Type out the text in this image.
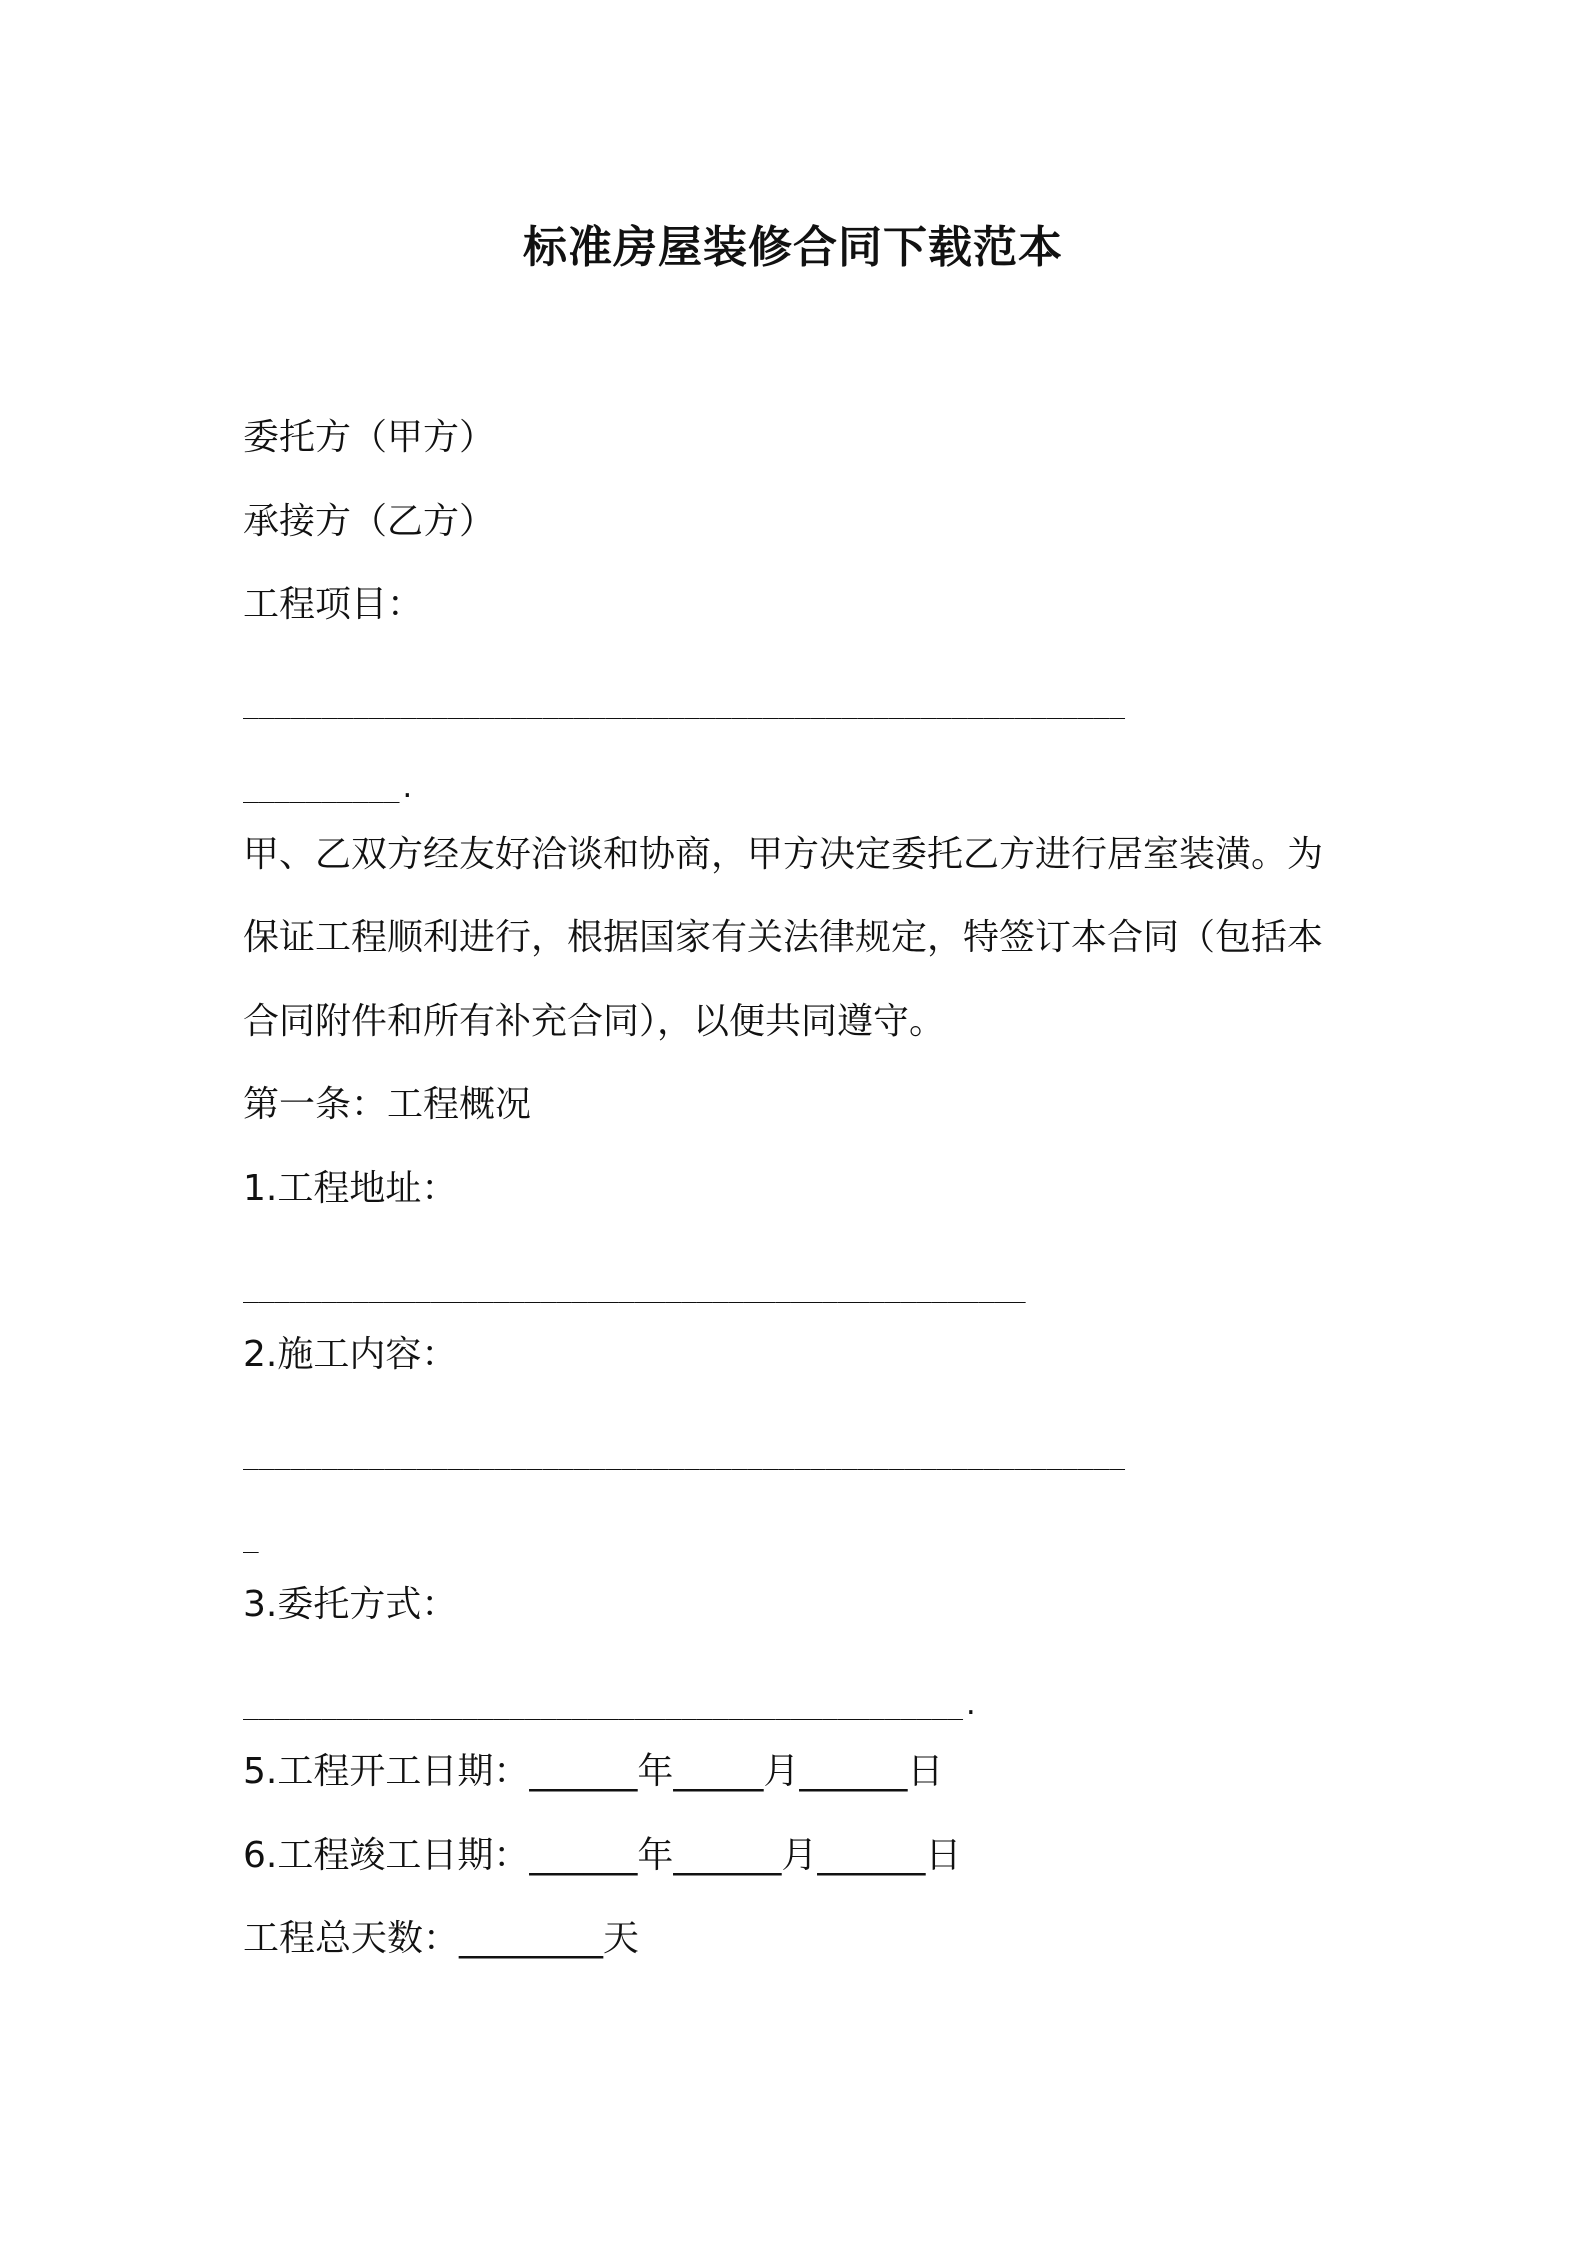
标准房屋装修合同下载范本
委托方（甲方）
承接方（乙方）
工程项目：
________________________________________________________
__________.
甲、乙双方经友好洽谈和协商，甲方决定委托乙方进行居室装潢。为
保证工程顺利进行，根据国家有关法律规定，特签订本合同（包括本
合同附件和所有补充合同），以便共同遵守。
第一条：工程概况
1.工程地址：
__________________________________________________
2.施工内容：
________________________________________________________
_
3.委托方式：
______________________________________________.
5.工程开工日期：______年_____月______日
6.工程竣工日期：______年______月______日
工程总天数：________天
